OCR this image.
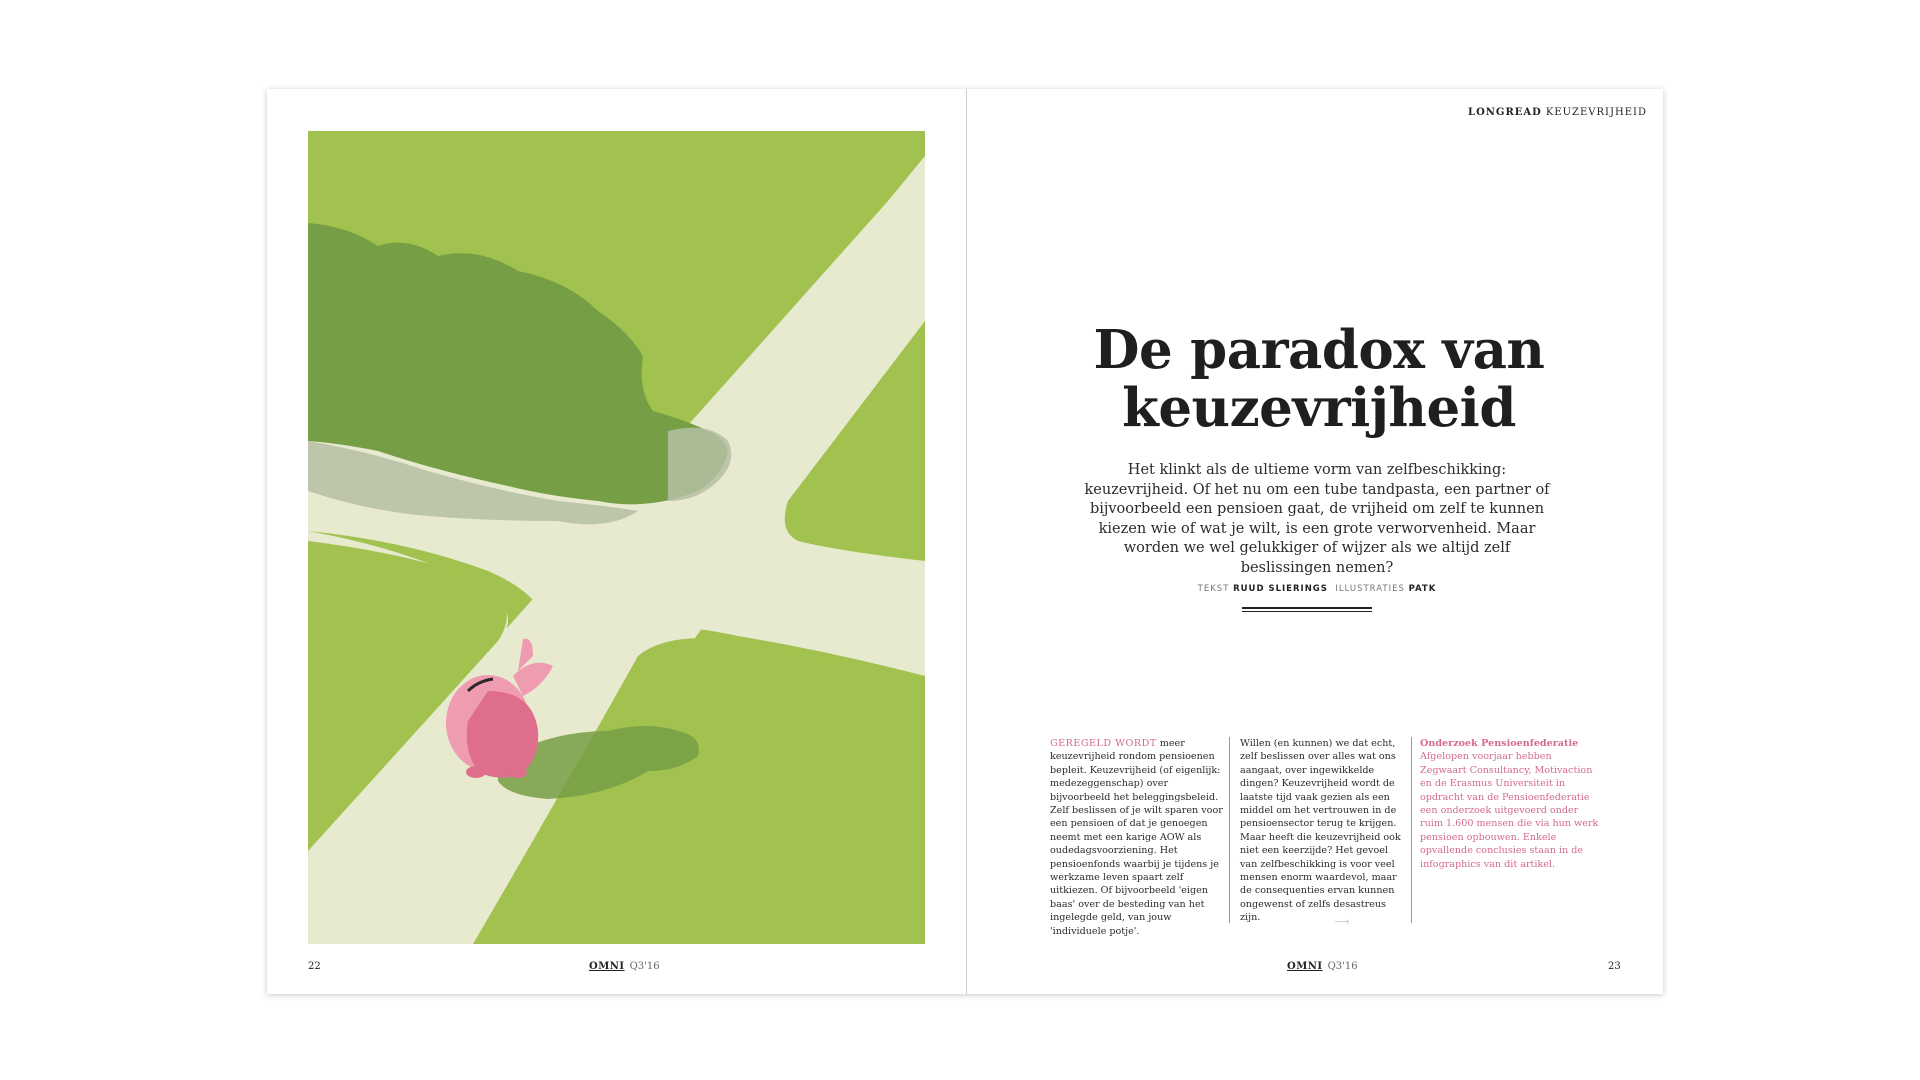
22	OMNI Q3'16
LONGREAD KEUZEVRIJHEID
De paradox van
keuzevrijheid

Het klinkt als de ultieme vorm van zelfbeschikking: keuzevrijheid. Of het nu om een tube tandpasta, een partner of bijvoorbeeld een pensioen gaat, de vrijheid om zelf te kunnen kiezen wie of wat je wilt, is een grote verworvenheid. Maar worden we wel gelukkiger of wijzer als we altijd zelf beslissingen nemen?

TEKST RUUD SLIERINGS ILLUSTRATIES PATK

GEREGELD WORDT meer keuzevrijheid rondom pensioenen bepleit. Keuzevrijheid (of eigenlijk: medezeggenschap) over bijvoorbeeld het beleggingsbeleid. Zelf beslissen of je wilt sparen voor een pensioen of dat je genoegen neemt met een karige AOW als oudedagsvoorziening. Het pensioenfonds waarbij je tijdens je werkzame leven spaart zelf uitkiezen. Of bijvoorbeeld 'eigen baas' over de besteding van het ingelegde geld, van jouw 'individuele potje'.

Willen (en kunnen) we dat echt, zelf beslissen over alles wat ons aangaat, over ingewikkelde dingen? Keuzevrijheid wordt de laatste tijd vaak gezien als een middel om het vertrouwen in de pensioensector terug te krijgen. Maar heeft die keuzevrijheid ook niet een keerzijde? Het gevoel van zelfbeschikking is voor veel mensen enorm waardevol, maar de consequenties ervan kunnen ongewenst of zelfs desastreus zijn.

Onderzoek Pensioenfederatie
Afgelopen voorjaar hebben Zegwaart Consultancy, Motivaction en de Erasmus Universiteit in opdracht van de Pensioenfederatie een onderzoek uitgevoerd onder ruim 1.600 mensen die via hun werk pensioen opbouwen. Enkele opvallende conclusies staan in de infographics van dit artikel.
⟶
OMNI Q3'16	23
